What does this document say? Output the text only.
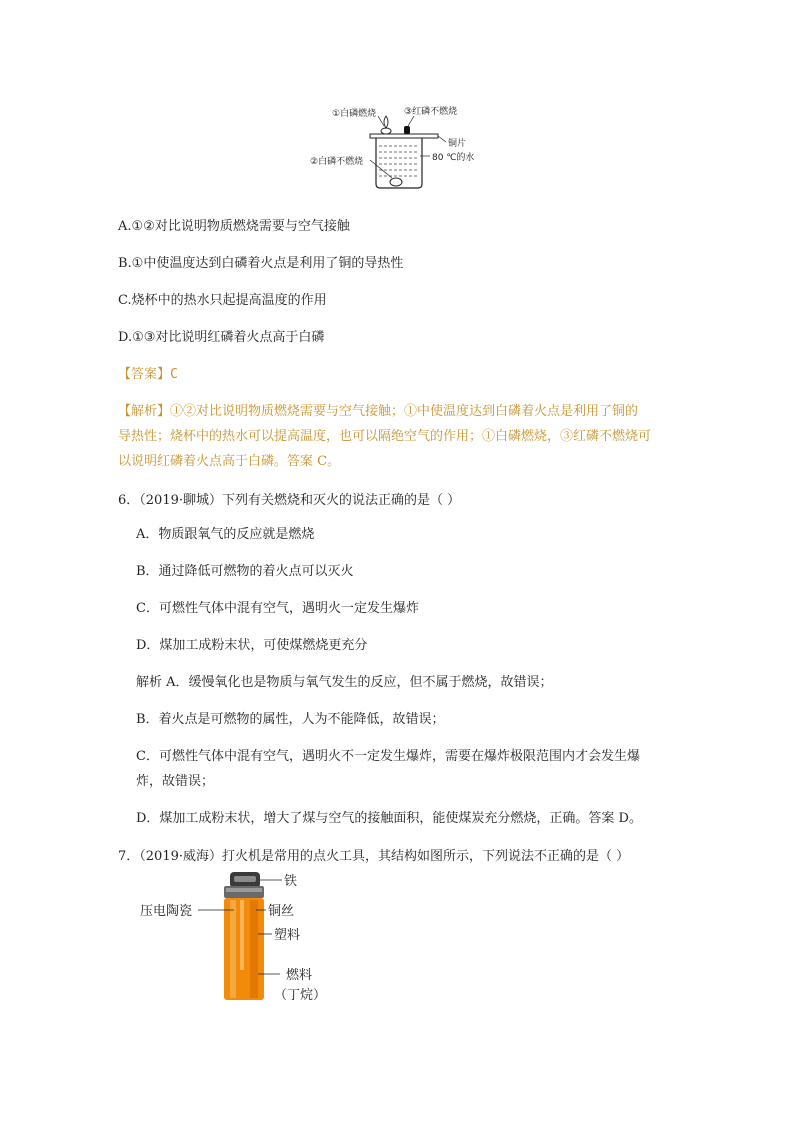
①白磷燃烧	③红磷不燃烧
铜片
②白磷不燃烧	80 ℃的水
A.①②对比说明物质燃烧需要与空气接触
B.①中使温度达到白磷着火点是利用了铜的导热性
C.烧杯中的热水只起提高温度的作用
D.①③对比说明红磷着火点高于白磷
【答案】C
【解析】①②对比说明物质燃烧需要与空气接触；①中使温度达到白磷着火点是利用了铜的
导热性；烧杯中的热水可以提高温度，也可以隔绝空气的作用；①白磷燃烧，③红磷不燃烧可
以说明红磷着火点高于白磷。答案 C。
6．（2019·聊城）下列有关燃烧和灭火的说法正确的是（ ）
A．物质跟氧气的反应就是燃烧
B．通过降低可燃物的着火点可以灭火
C．可燃性气体中混有空气，遇明火一定发生爆炸
D．煤加工成粉末状，可使煤燃烧更充分
解析 A．缓慢氧化也是物质与氧气发生的反应，但不属于燃烧，故错误；
B．着火点是可燃物的属性，人为不能降低，故错误；
C．可燃性气体中混有空气，遇明火不一定发生爆炸，需要在爆炸极限范围内才会发生爆
炸，故错误；
D．煤加工成粉末状，增大了煤与空气的接触面积，能使煤炭充分燃烧，正确。答案 D。
7．（2019·威海）打火机是常用的点火工具，其结构如图所示，下列说法不正确的是（ ）
铁
压电陶瓷	铜丝
塑料
燃料
（丁烷）
